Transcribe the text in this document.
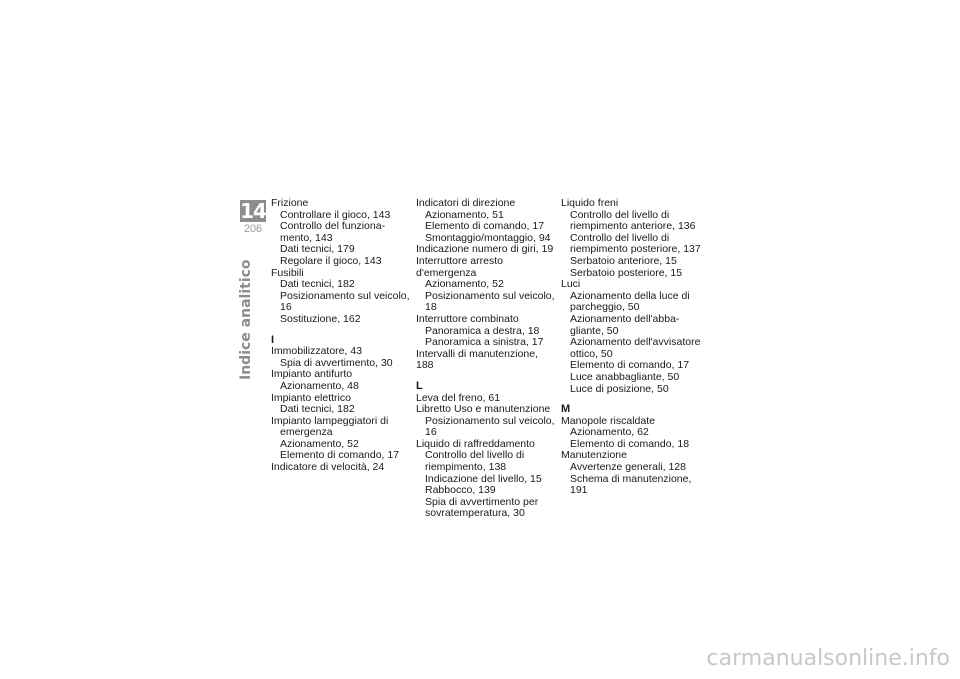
14
206
Indice analitico
Frizione
Controllare il gioco, 143
Controllo del funziona-
mento, 143
Dati tecnici, 179
Regolare il gioco, 143
Fusibili
Dati tecnici, 182
Posizionamento sul veicolo, 16
Sostituzione, 162
I
Immobilizzatore, 43
Spia di avvertimento, 30
Impianto antifurto
Azionamento, 48
Impianto elettrico
Dati tecnici, 182
Impianto lampeggiatori di
emergenza
Azionamento, 52
Elemento di comando, 17
Indicatore di velocità, 24
Indicatori di direzione
Azionamento, 51
Elemento di comando, 17
Smontaggio/montaggio, 94
Indicazione numero di giri, 19
Interruttore arresto d'emergenza
Azionamento, 52
Posizionamento sul veicolo, 18
Interruttore combinato
Panoramica a destra, 18
Panoramica a sinistra, 17
Intervalli di manutenzione, 188
L
Leva del freno, 61
Libretto Uso e manutenzione
Posizionamento sul veicolo, 16
Liquido di raffreddamento
Controllo del livello di
riempimento, 138
Indicazione del livello, 15
Rabbocco, 139
Spia di avvertimento per
sovratemperatura, 30
Liquido freni
Controllo del livello di
riempimento anteriore, 136
Controllo del livello di
riempimento posteriore, 137
Serbatoio anteriore, 15
Serbatoio posteriore, 15
Luci
Azionamento della luce di
parcheggio, 50
Azionamento dell'abba-
gliante, 50
Azionamento dell'avvisatore
ottico, 50
Elemento di comando, 17
Luce anabbagliante, 50
Luce di posizione, 50
M
Manopole riscaldate
Azionamento, 62
Elemento di comando, 18
Manutenzione
Avvertenze generali, 128
Schema di manutenzione, 191
carmanualsonline.info
